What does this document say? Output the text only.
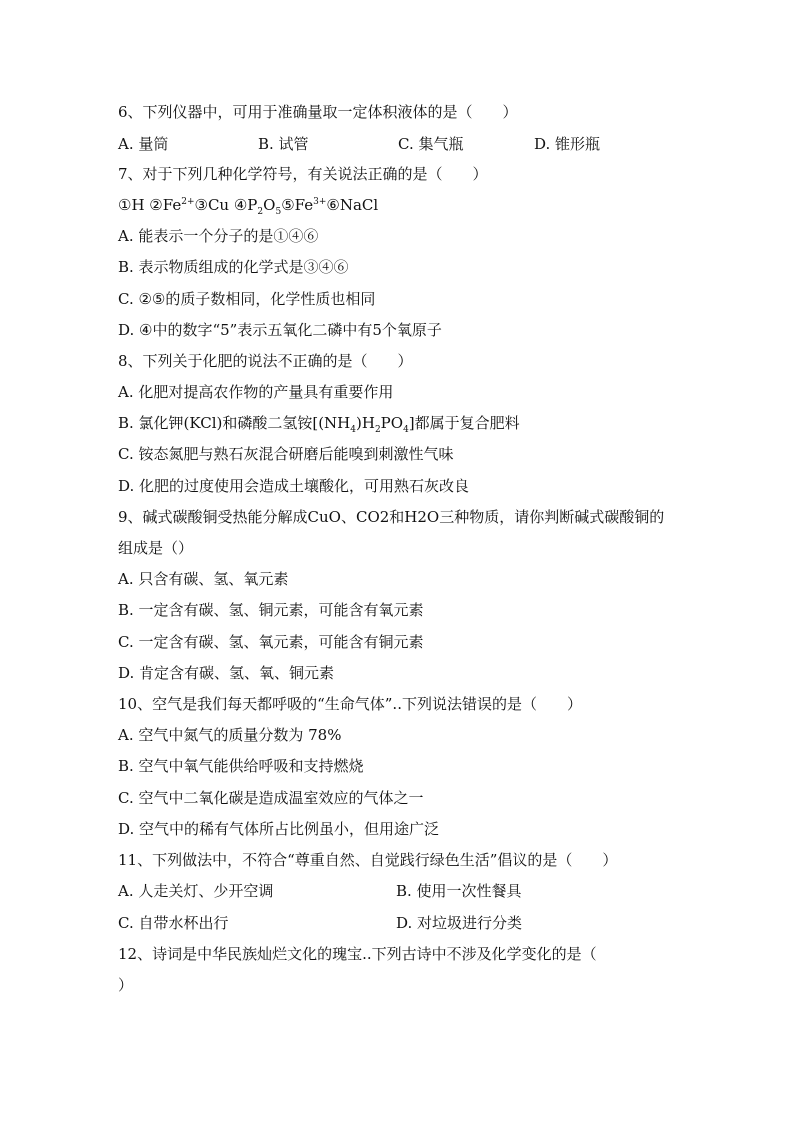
6、下列仪器中，可用于准确量取一定体积液体的是（　　）
A. 量筒	B. 试管	C. 集气瓶	D. 锥形瓶
7、对于下列几种化学符号，有关说法正确的是（　　）
①H $②Fe^{2+}③Cu$ $④P_2O_5⑤Fe^{3+}⑥NaCl$
A. 能表示一个分子的是①④⑥
B. 表示物质组成的化学式是③④⑥
C. ②⑤的质子数相同，化学性质也相同
D. ④中的数字“5”表示五氧化二磷中有5个氧原子
8、下列关于化肥的说法不正确的是（　　）
A. 化肥对提高农作物的产量具有重要作用
B. 氯化钾(KCl)和磷酸二氢铵$[(NH_4)H_2PO_4]$都属于复合肥料
C. 铵态氮肥与熟石灰混合研磨后能嗅到刺激性气味
D. 化肥的过度使用会造成土壤酸化，可用熟石灰改良
9、碱式碳酸铜受热能分解成CuO、CO2和H2O三种物质，请你判断碱式碳酸铜的
组成是（）
A. 只含有碳、氢、氧元素
B. 一定含有碳、氢、铜元素，可能含有氧元素
C. 一定含有碳、氢、氧元素，可能含有铜元素
D. 肯定含有碳、氢、氧、铜元素
10、空气是我们每天都呼吸的“生命气体”..下列说法错误的是（　　）
A. 空气中氮气的质量分数为 78%
B. 空气中氧气能供给呼吸和支持燃烧
C. 空气中二氧化碳是造成温室效应的气体之一
D. 空气中的稀有气体所占比例虽小，但用途广泛
11、下列做法中，不符合“尊重自然、自觉践行绿色生活”倡议的是（　　）
A. 人走关灯、少开空调	B. 使用一次性餐具
C. 自带水杯出行	D. 对垃圾进行分类
12、诗词是中华民族灿烂文化的瑰宝..下列古诗中不涉及化学变化的是（
）
